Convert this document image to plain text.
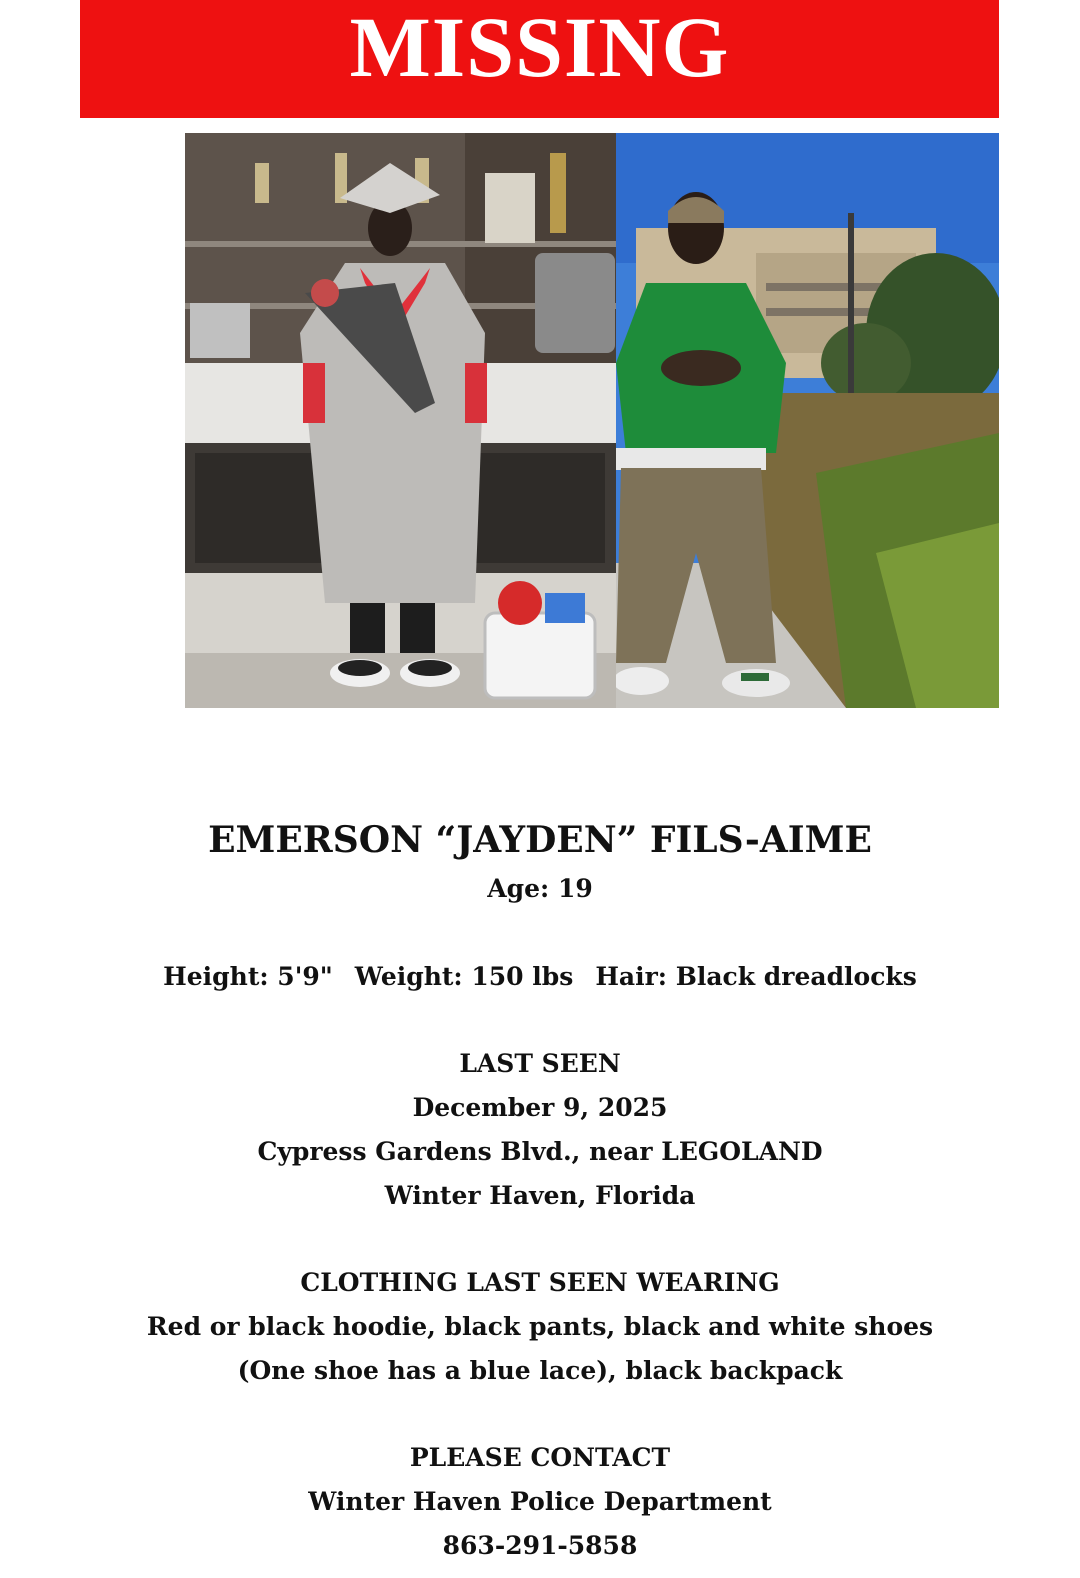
MISSING
EMERSON “JAYDEN” FILS-AIME
Age: 19
Height: 5'9" Weight: 150 lbs Hair: Black dreadlocks
LAST SEEN
December 9, 2025
Cypress Gardens Blvd., near LEGOLAND
Winter Haven, Florida
CLOTHING LAST SEEN WEARING
Red or black hoodie, black pants, black and white shoes
(One shoe has a blue lace), black backpack
PLEASE CONTACT
Winter Haven Police Department
863-291-5858
